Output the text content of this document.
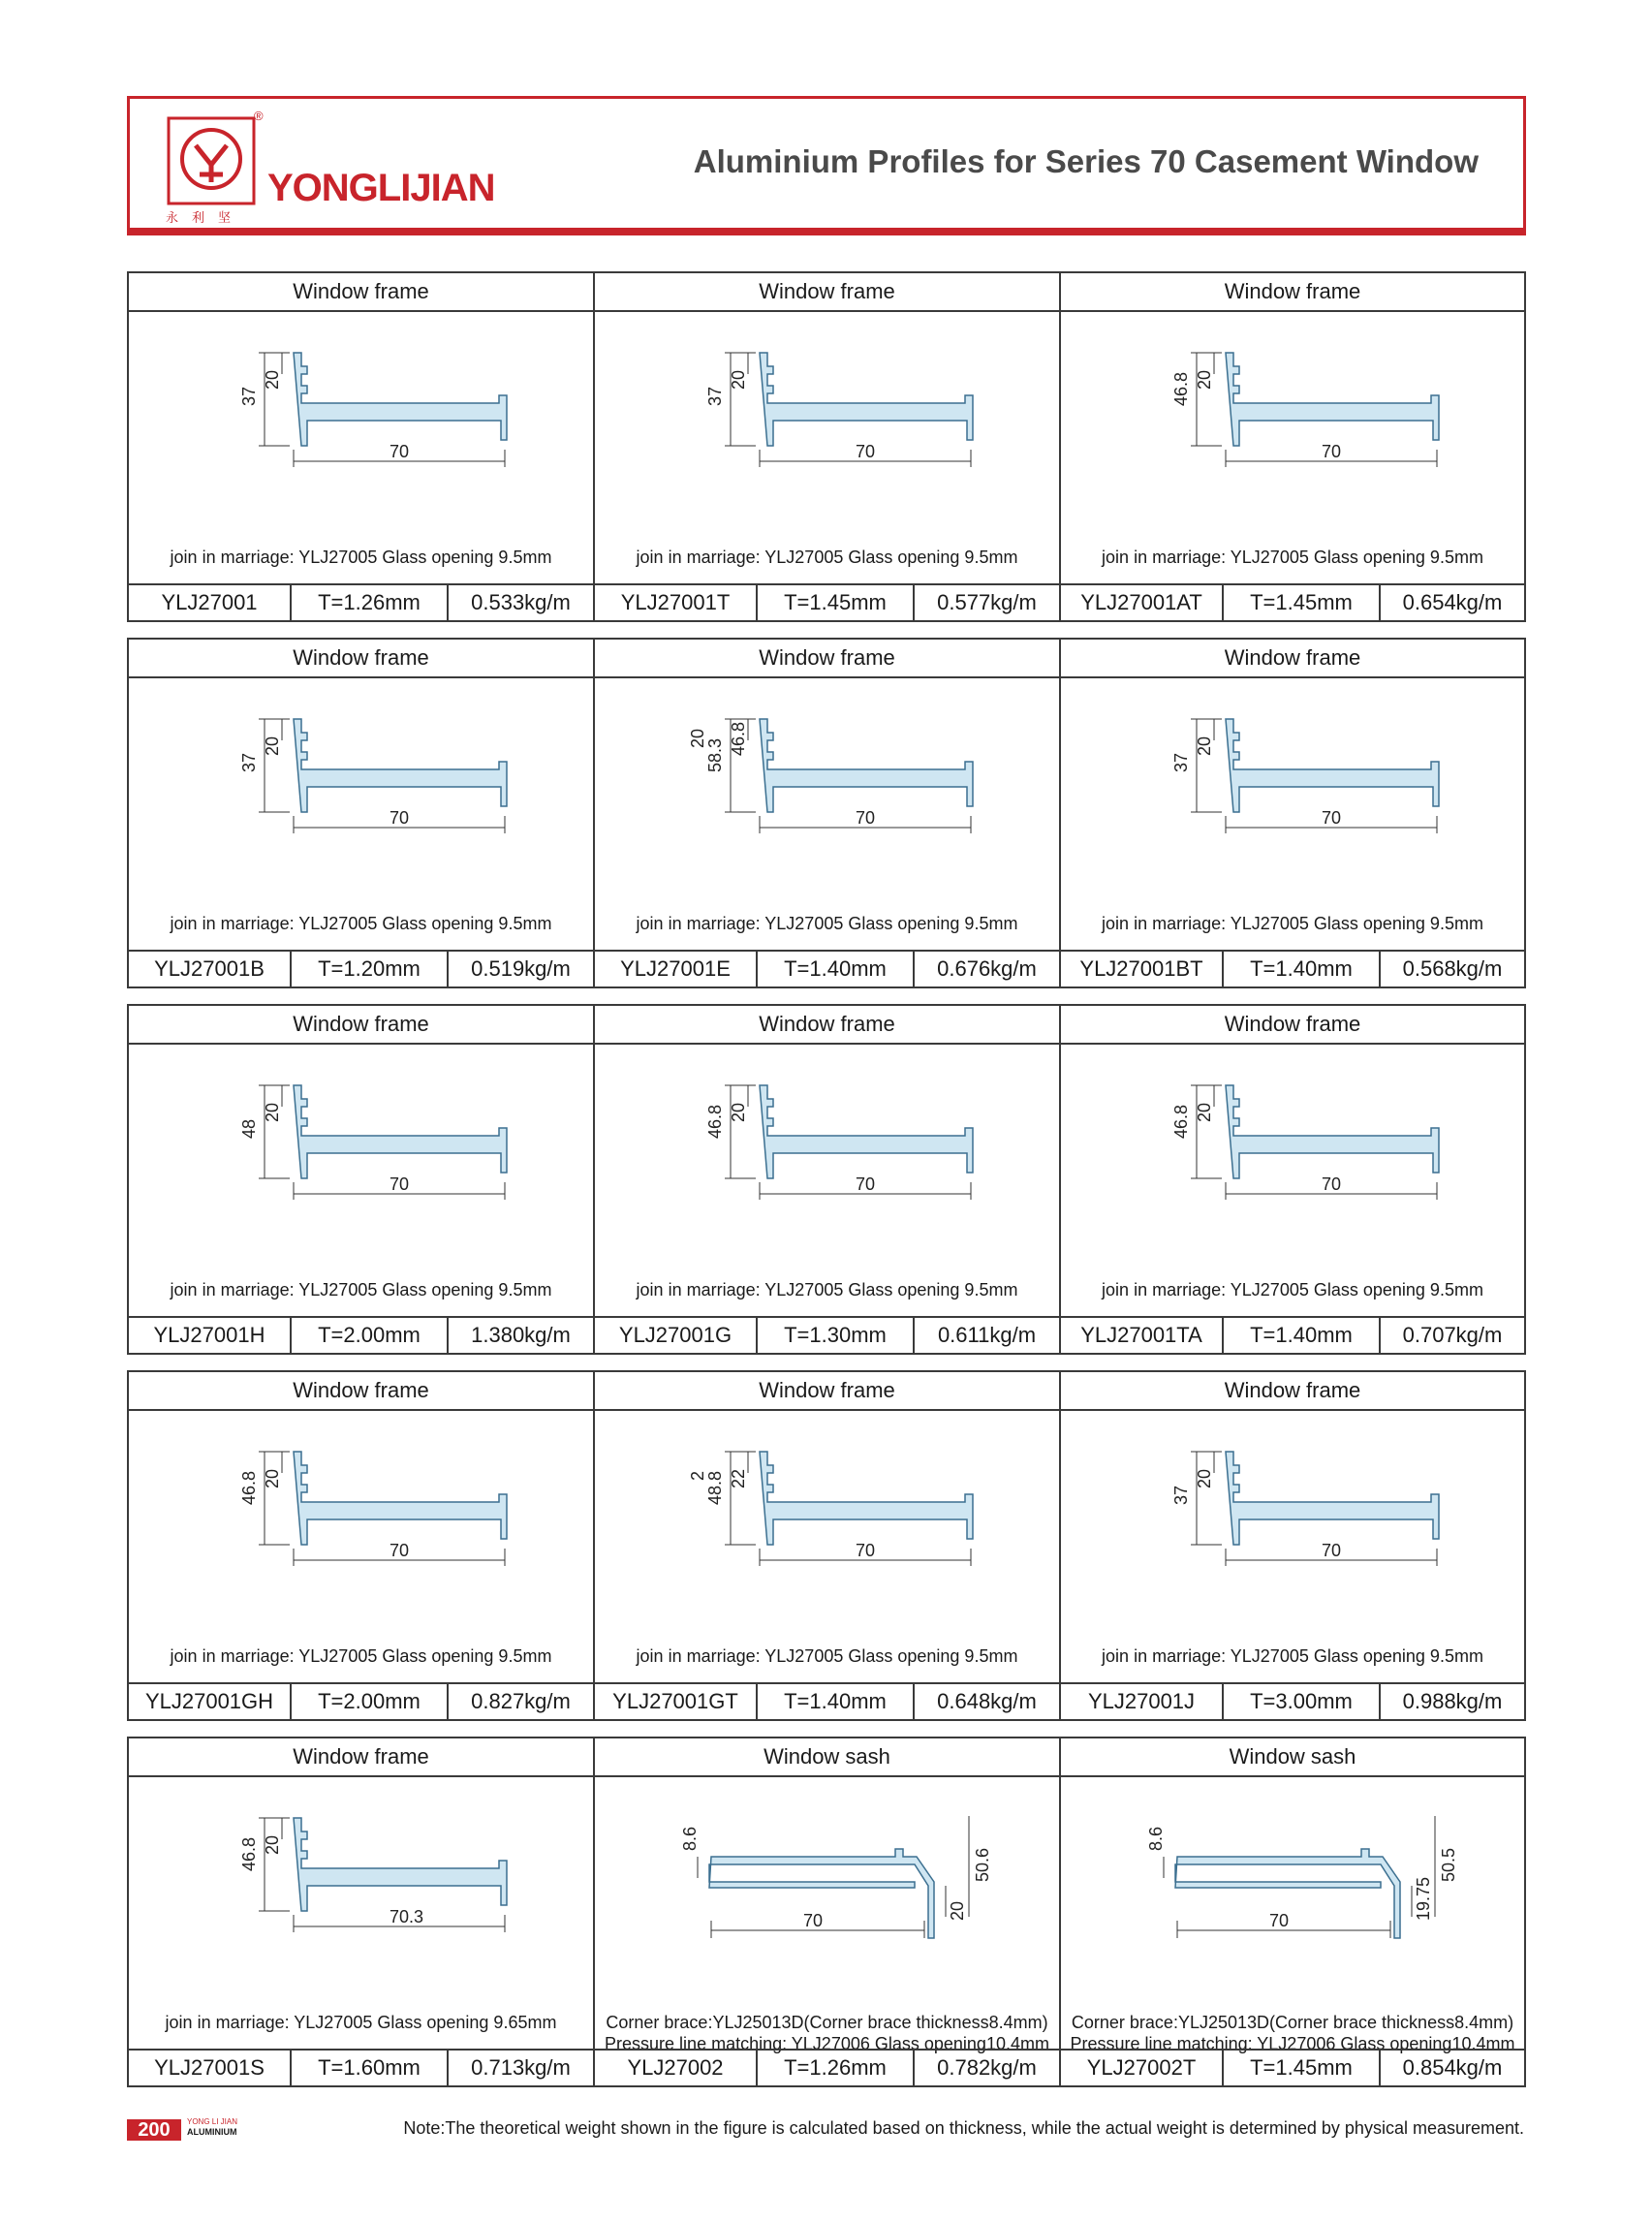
®
永利坚
YONGLIJIAN
Aluminium Profiles for Series 70 Casement Window
Window frame
37
20
70
join in marriage: YLJ27005 Glass opening 9.5mm
YLJ27001	T=1.26mm	0.533kg/m
Window frame
37
20
70
join in marriage: YLJ27005 Glass opening 9.5mm
YLJ27001T	T=1.45mm	0.577kg/m
Window frame
46.8 20
70
join in marriage: YLJ27005 Glass opening 9.5mm
YLJ27001AT	T=1.45mm	0.654kg/m
Window frame
37
20
70
join in marriage: YLJ27005 Glass opening 9.5mm
YLJ27001B	T=1.20mm	0.519kg/m
Window frame
58.3 46.8
70
20
join in marriage: YLJ27005 Glass opening 9.5mm
YLJ27001E	T=1.40mm	0.676kg/m
Window frame
37
20
70
join in marriage: YLJ27005 Glass opening 9.5mm
YLJ27001BT	T=1.40mm	0.568kg/m
Window frame
48
20
70
join in marriage: YLJ27005 Glass opening 9.5mm
YLJ27001H	T=2.00mm	1.380kg/m
Window frame
46.8 20
70
join in marriage: YLJ27005 Glass opening 9.5mm
YLJ27001G	T=1.30mm	0.611kg/m
Window frame
46.8 20
70
join in marriage: YLJ27005 Glass opening 9.5mm
YLJ27001TA	T=1.40mm	0.707kg/m
Window frame
46.8 20
70
join in marriage: YLJ27005 Glass opening 9.5mm
YLJ27001GH	T=2.00mm	0.827kg/m
Window frame
48.8 22
70
2
join in marriage: YLJ27005 Glass opening 9.5mm
YLJ27001GT	T=1.40mm	0.648kg/m
Window frame
37
20
70
join in marriage: YLJ27005 Glass opening 9.5mm
YLJ27001J	T=3.00mm	0.988kg/m
Window frame
46.8 20
70.3
join in marriage: YLJ27005 Glass opening 9.65mm
YLJ27001S	T=1.60mm	0.713kg/m
Window sash
50.6
8.6
70	20
Corner brace:YLJ25013D(Corner brace thickness8.4mm)
Pressure line matching: YLJ27006 Glass opening10.4mm
YLJ27002	T=1.26mm	0.782kg/m
Window sash
50.5
8.6
70	19.75
Corner brace:YLJ25013D(Corner brace thickness8.4mm)
Pressure line matching: YLJ27006 Glass opening10.4mm
YLJ27002T	T=1.45mm	0.854kg/m
200	YONG LI JIAN
ALUMINIUM	Note:The theoretical weight shown in the figure is calculated based on thickness, while the actual weight is determined by physical measurement.
